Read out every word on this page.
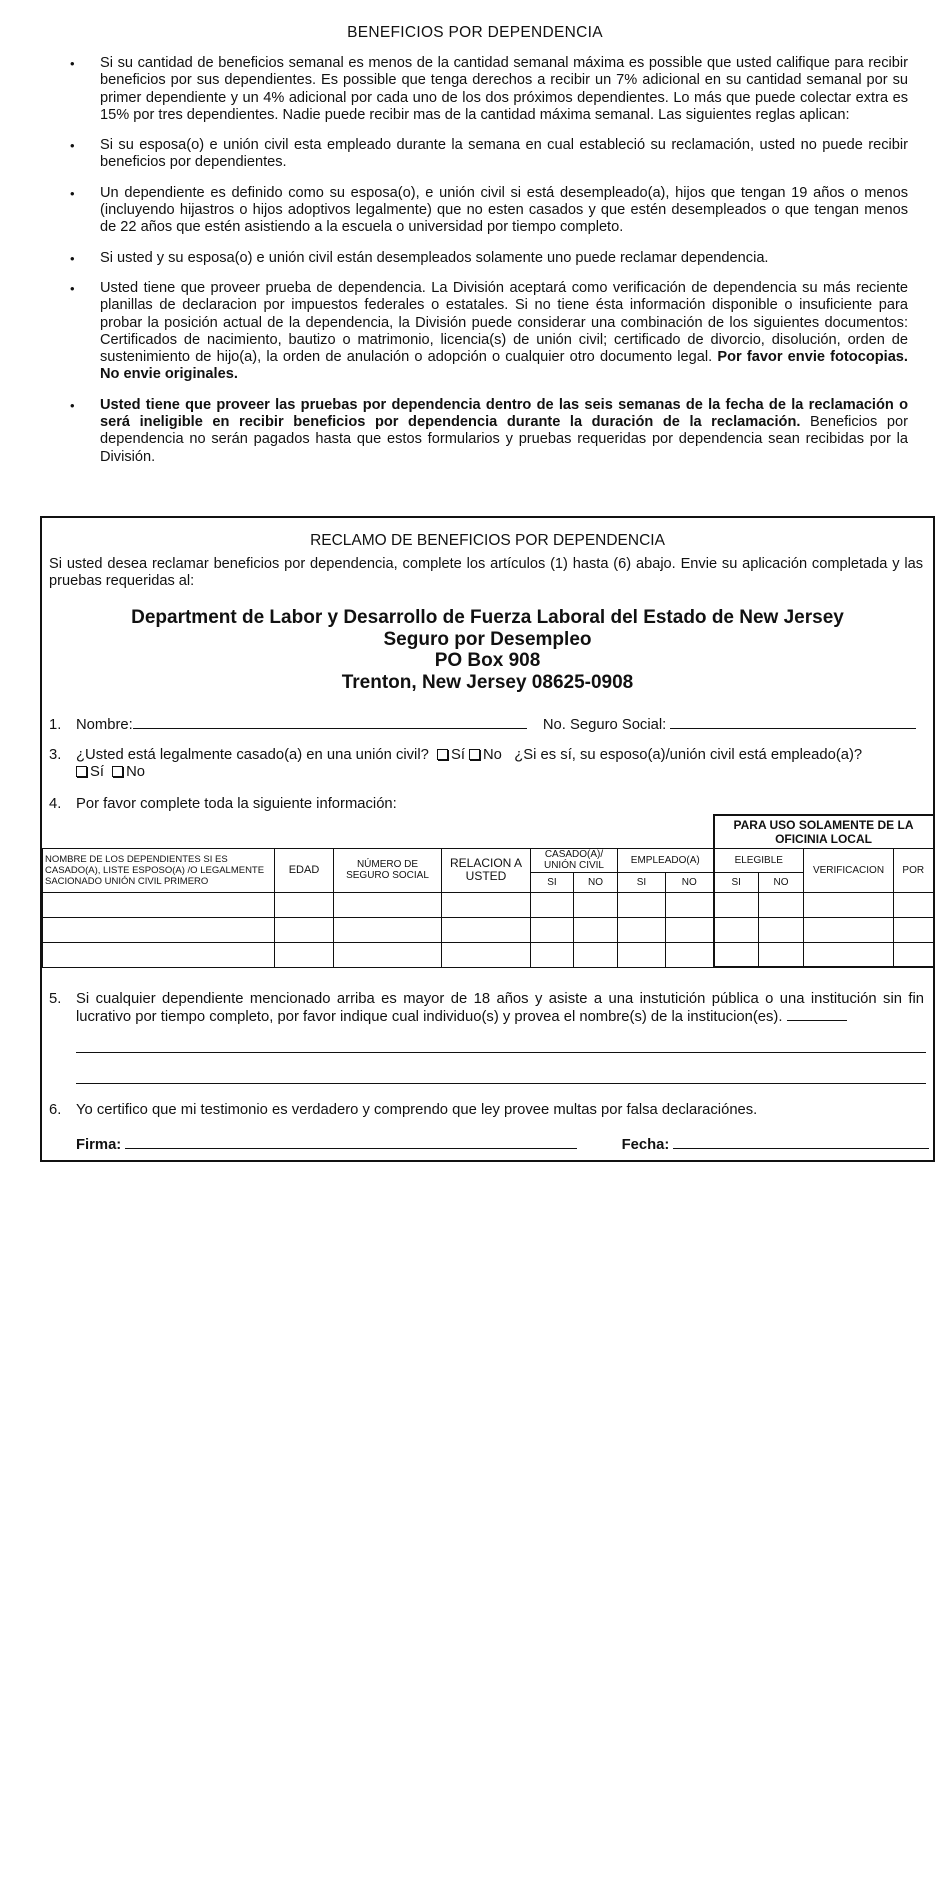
BENEFICIOS POR DEPENDENCIA
• Si su cantidad de beneficios semanal es menos de la cantidad semanal máxima es possible que usted califique para recibir beneficios por sus dependientes. Es possible que tenga derechos a recibir un 7% adicional en su cantidad semanal por su primer dependiente y un 4% adicional por cada uno de los dos próximos dependientes. Lo más que puede colectar extra es 15% por tres dependientes. Nadie puede recibir mas de la cantidad máxima semanal. Las siguientes reglas aplican:
• Si su esposa(o) e unión civil esta empleado durante la semana en cual estableció su reclamación, usted no puede recibir beneficios por dependientes.
• Un dependiente es definido como su esposa(o), e unión civil si está desempleado(a), hijos que tengan 19 años o menos (incluyendo hijastros o hijos adoptivos legalmente) que no esten casados y que estén desempleados o que tengan menos de 22 años que estén asistiendo a la escuela o universidad por tiempo completo.
• Si usted y su esposa(o) e unión civil están desempleados solamente uno puede reclamar dependencia.
• Usted tiene que proveer prueba de dependencia. La División aceptará como verificación de dependencia su más reciente planillas de declaracion por impuestos federales o estatales. Si no tiene ésta información disponible o insuficiente para probar la posición actual de la dependencia, la División puede considerar una combinación de los siguientes documentos: Certificados de nacimiento, bautizo o matrimonio, licencia(s) de unión civil; certificado de divorcio, disolución, orden de sustenimiento de hijo(a), la orden de anulación o adopción o cualquier otro documento legal. Por favor envie fotocopias. No envie originales.
• Usted tiene que proveer las pruebas por dependencia dentro de las seis semanas de la fecha de la reclamación o será ineligible en recibir beneficios por dependencia durante la duración de la reclamación. Beneficios por dependencia no serán pagados hasta que estos formularios y pruebas requeridas por dependencia sean recibidas por la División.
RECLAMO DE BENEFICIOS POR DEPENDENCIA
Si usted desea reclamar beneficios por dependencia, complete los artículos (1) hasta (6) abajo. Envie su aplicación completada y las pruebas requeridas al:
Department de Labor y Desarrollo de Fuerza Laboral del Estado de New Jersey
Seguro por Desempleo
PO Box 908
Trenton, New Jersey 08625-0908
1. Nombre:	No. Seguro Social:
3. ¿Usted está legalmente casado(a) en una unión civil? Sí No ¿Si es sí, su esposo(a)/unión civil está empleado(a)?
Sí No
4. Por favor complete toda la siguiente información:
								PARA USO SOLAMENTE DE LA OFICINIA LOCAL			
NOMBRE DE LOS DEPENDIENTES SI ES CASADO(A), LISTE ESPOSO(A) /O LEGALMENTE SACIONADO UNIÓN CIVIL PRIMERO	EDAD	NÚMERO DE SEGURO SOCIAL	RELACION A USTED	CASADO(A)/ UNIÓN CIVIL		EMPLEADO(A)		ELEGIBLE		VERIFICACION	POR
				SI	NO	SI	NO	SI	NO		

5. Si cualquier dependiente mencionado arriba es mayor de 18 años y asiste a una instutición pública o una institución sin fin lucrativo por tiempo completo, por favor indique cual individuo(s) y provea el nombre(s) de la institucion(es).
6. Yo certifico que mi testimonio es verdadero y comprendo que ley provee multas por falsa declaraciónes.
Firma:	Fecha:
